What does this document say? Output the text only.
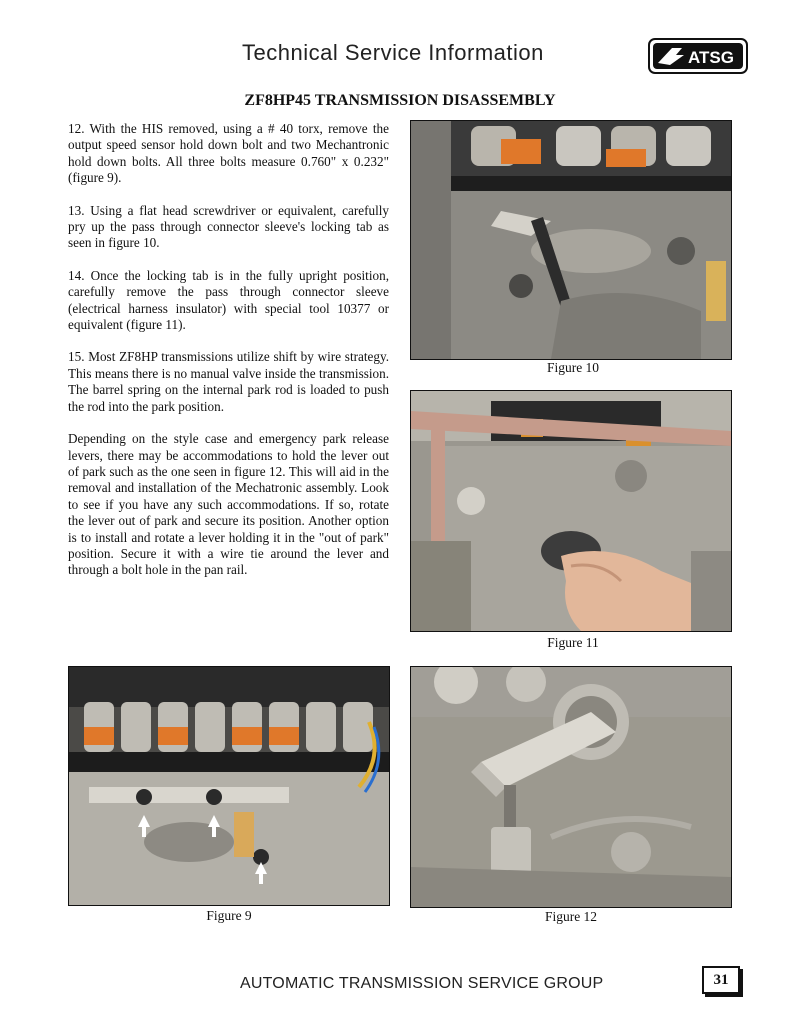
Technical Service Information	ATSG
ZF8HP45 TRANSMISSION DISASSEMBLY

12. With the HIS removed, using a # 40 torx, remove the output speed sensor hold down bolt and two Mechantronic hold down bolts. All three bolts measure 0.760" x 0.232" (figure 9).

13. Using a flat head screwdriver or equivalent, carefully pry up the pass through connector sleeve's locking tab as seen in figure 10.

14. Once the locking tab is in the fully upright position, carefully remove the pass through connector sleeve (electrical harness insulator) with special tool 10377 or equivalent (figure 11).

15. Most ZF8HP transmissions utilize shift by wire strategy. This means there is no manual valve inside the transmission. The barrel spring on the internal park rod is loaded to push the rod into the park position.

Depending on the style case and emergency park release levers, there may be accommodations to hold the lever out of park such as the one seen in figure 12. This will aid in the removal and installation of the Mechatronic assembly. Look to see if you have any such accommodations. If so, rotate the lever out of park and secure its position. Another option is to install and rotate a lever holding it in the "out of park" position. Secure it with a wire tie around the lever and through a bolt hole in the pan rail.

Figure 10
Figure 11
Figure 9	Figure 12
AUTOMATIC TRANSMISSION SERVICE GROUP	31
